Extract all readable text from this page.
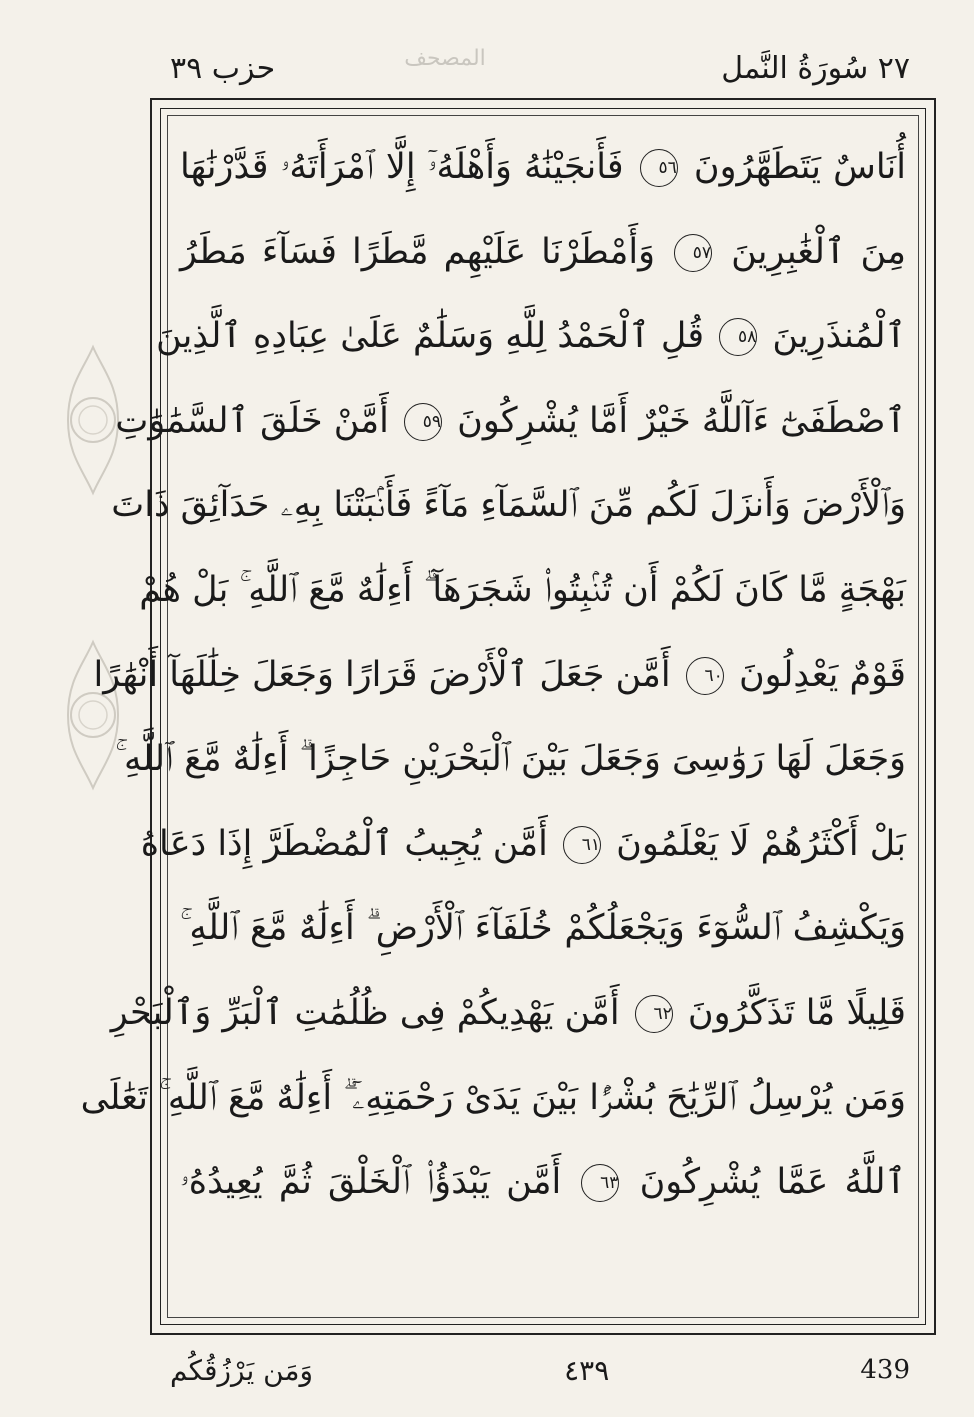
٢٧ سُورَةُ النَّمل
حزب ٣٩	المصحف
أُنَاسٌ يَتَطَهَّرُونَ ٥٦ فَأَنجَيْنَٰهُ وَأَهْلَهُۥٓ إِلَّا ٱمْرَأَتَهُۥ قَدَّرْنَٰهَا
مِنَ ٱلْغَٰبِرِينَ ٥٧ وَأَمْطَرْنَا عَلَيْهِم مَّطَرًا فَسَآءَ مَطَرُ
ٱلْمُنذَرِينَ ٥٨ قُلِ ٱلْحَمْدُ لِلَّهِ وَسَلَٰمٌ عَلَىٰ عِبَادِهِ ٱلَّذِينَ
ٱصْطَفَىٰٓ ءَآللَّهُ خَيْرٌ أَمَّا يُشْرِكُونَ ٥٩ أَمَّنْ خَلَقَ ٱلسَّمَٰوَٰتِ
وَٱلْأَرْضَ وَأَنزَلَ لَكُم مِّنَ ٱلسَّمَآءِ مَآءً فَأَنۢبَتْنَا بِهِۦ حَدَآئِقَ ذَاتَ
بَهْجَةٍ مَّا كَانَ لَكُمْ أَن تُنۢبِتُوا۟ شَجَرَهَآ ۗ أَءِلَٰهٌ مَّعَ ٱللَّهِ ۚ بَلْ هُمْ
قَوْمٌ يَعْدِلُونَ ٦٠ أَمَّن جَعَلَ ٱلْأَرْضَ قَرَارًا وَجَعَلَ خِلَٰلَهَآ أَنْهَٰرًا
وَجَعَلَ لَهَا رَوَٰسِىَ وَجَعَلَ بَيْنَ ٱلْبَحْرَيْنِ حَاجِزًا ۗ أَءِلَٰهٌ مَّعَ ٱللَّهِ ۚ
بَلْ أَكْثَرُهُمْ لَا يَعْلَمُونَ ٦١ أَمَّن يُجِيبُ ٱلْمُضْطَرَّ إِذَا دَعَاهُ
وَيَكْشِفُ ٱلسُّوٓءَ وَيَجْعَلُكُمْ خُلَفَآءَ ٱلْأَرْضِ ۗ أَءِلَٰهٌ مَّعَ ٱللَّهِ ۚ
قَلِيلًا مَّا تَذَكَّرُونَ ٦٢ أَمَّن يَهْدِيكُمْ فِى ظُلُمَٰتِ ٱلْبَرِّ وَٱلْبَحْرِ
وَمَن يُرْسِلُ ٱلرِّيَٰحَ بُشْرًۢا بَيْنَ يَدَىْ رَحْمَتِهِۦٓ ۗ أَءِلَٰهٌ مَّعَ ٱللَّهِ ۚ تَعَٰلَى
ٱللَّهُ عَمَّا يُشْرِكُونَ ٦٣ أَمَّن يَبْدَؤُا۟ ٱلْخَلْقَ ثُمَّ يُعِيدُهُۥ
439
٤٣٩
وَمَن يَرْزُقُكُم
